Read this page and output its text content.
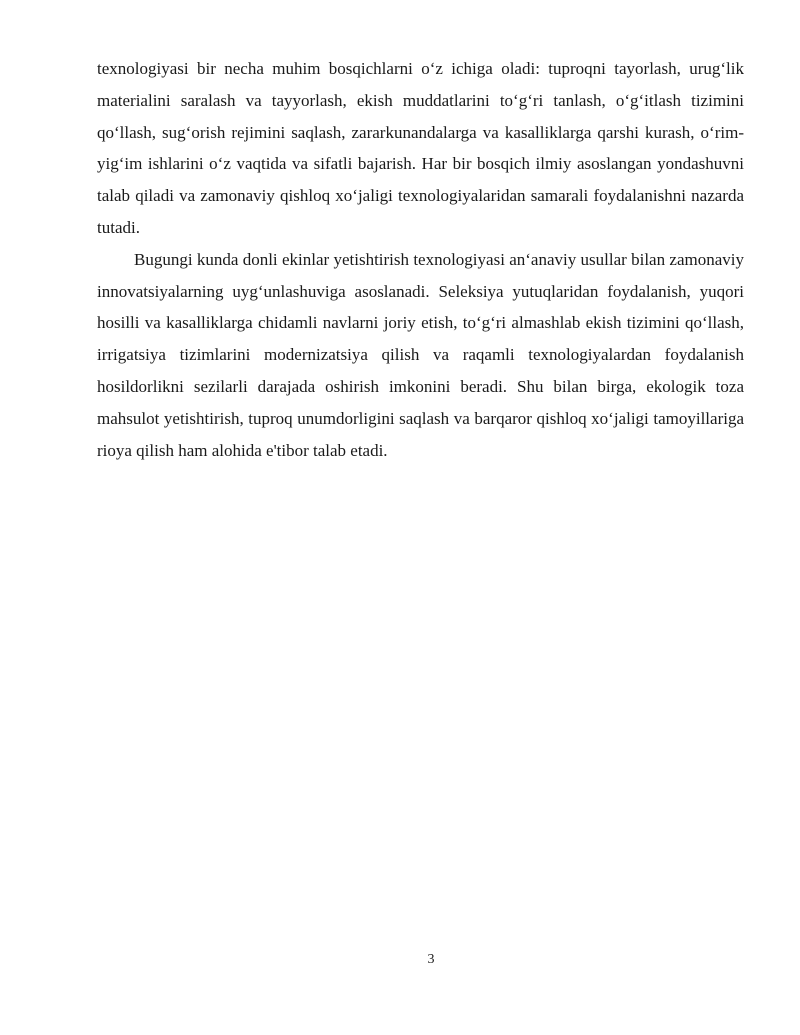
texnologiyasi bir necha muhim bosqichlarni o‘z ichiga oladi: tuproqni tayorlash, urug‘lik materialini saralash va tayyorlash, ekish muddatlarini to‘g‘ri tanlash, o‘g‘itlash tizimini qo‘llash, sug‘orish rejimini saqlash, zararkunandalarga va kasalliklarga qarshi kurash, o‘rim-yig‘im ishlarini o‘z vaqtida va sifatli bajarish. Har bir bosqich ilmiy asoslangan yondashuvni talab qiladi va zamonaviy qishloq xo‘jaligi texnologiyalaridan samarali foydalanishni nazarda tutadi.

Bugungi kunda donli ekinlar yetishtirish texnologiyasi an‘anaviy usullar bilan zamonaviy innovatsiyalarning uyg‘unlashuviga asoslanadi. Seleksiya yutuqlaridan foydalanish, yuqori hosilli va kasalliklarga chidamli navlarni joriy etish, to‘g‘ri almashlab ekish tizimini qo‘llash, irrigatsiya tizimlarini modernizatsiya qilish va raqamli texnologiyalardan foydalanish hosildorlikni sezilarli darajada oshirish imkonini beradi. Shu bilan birga, ekologik toza mahsulot yetishtirish, tuproq unumdorligini saqlash va barqaror qishloq xo‘jaligi tamoyillariga rioya qilish ham alohida e'tibor talab etadi.

3
